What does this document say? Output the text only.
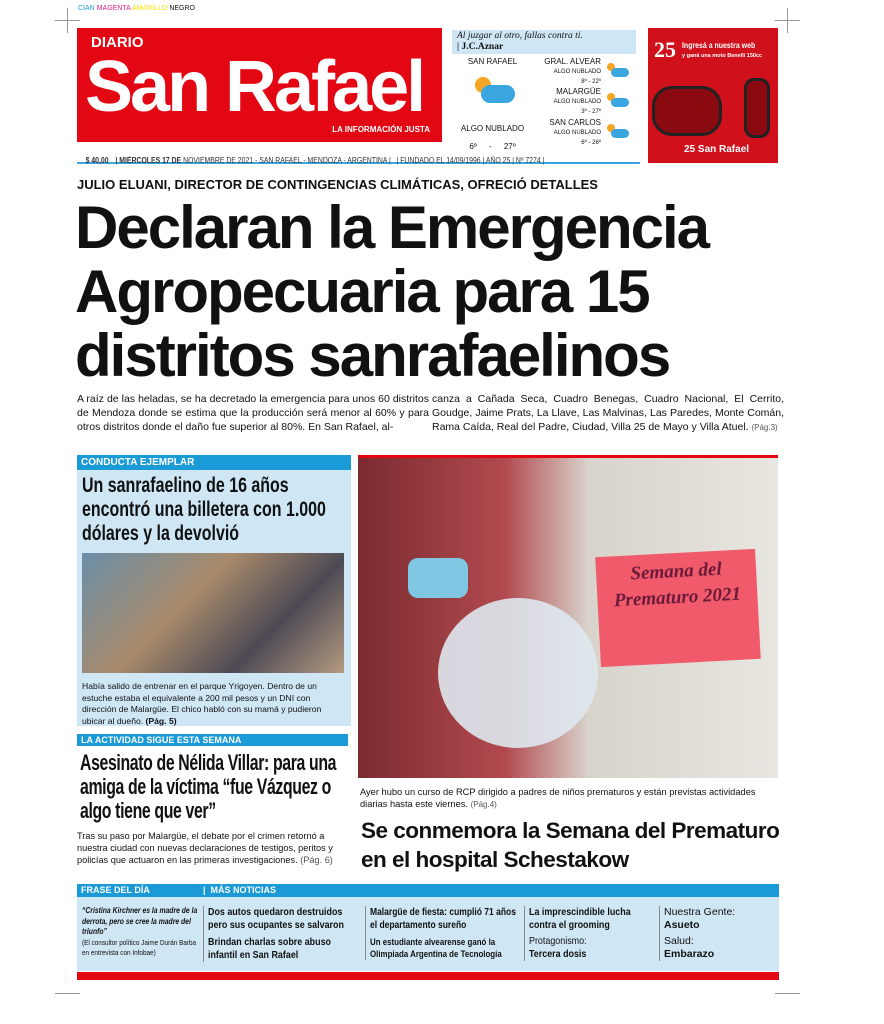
CIAN MAGENTA AMARILLO NEGRO
DIARIO
San Rafael
LA INFORMACIÓN JUSTA
Al juzgar al otro, fallas contra ti.
| J.C.Aznar
SAN RAFAEL
ALGO NUBLADO
6º - 27º
GRAL. ALVEAR
ALGO NUBLADO
8º - 22º
MALARGÜE
ALGO NUBLADO
3º - 27º
SAN CARLOS
ALGO NUBLADO
6º - 26º
25 Ingresá a nuestra web
y ganá una moto Benelli 150cc
25 San Rafael
$ 40,00 | MIÉRCOLES 17 DE NOVIEMBRE DE 2021 - SAN RAFAEL - MENDOZA - ARGENTINA | | FUNDADO EL 14/09/1996 | AÑO 25 | Nº 7274 |
JULIO ELUANI, DIRECTOR DE CONTINGENCIAS CLIMÁTICAS, OFRECIÓ DETALLES
Declaran la Emergencia Agropecuaria para 15 distritos sanrafaelinos
A raíz de las heladas, se ha decretado la emergencia para unos 60 distritos de Mendoza donde se estima que la producción será menor al 60% y para otros distritos donde el daño fue superior al 80%. En San Rafael, al-
canza a Cañada Seca, Cuadro Benegas, Cuadro Nacional, El Cerrito, Goudge, Jaime Prats, La Llave, Las Malvinas, Las Paredes, Monte Comán, Rama Caída, Real del Padre, Ciudad, Villa 25 de Mayo y Villa Atuel. (Pág.3)
CONDUCTA EJEMPLAR
Un sanrafaelino de 16 años encontró una billetera con 1.000 dólares y la devolvió
Había salido de entrenar en el parque Yrigoyen. Dentro de un estuche estaba el equivalente a 200 mil pesos y un DNI con dirección de Malargüe. El chico habló con su mamá y pudieron ubicar al dueño. (Pág. 5)
LA ACTIVIDAD SIGUE ESTA SEMANA
Asesinato de Nélida Villar: para una amiga de la víctima “fue Vázquez o algo tiene que ver”
Tras su paso por Malargüe, el debate por el crimen retornó a nuestra ciudad con nuevas declaraciones de testigos, peritos y policías que actuaron en las primeras investigaciones. (Pág. 6)
Semana del Prematuro 2021
Ayer hubo un curso de RCP dirigido a padres de niños prematuros y están previstas actividades diarias hasta este viernes. (Pág.4)
Se conmemora la Semana del Prematuro en el hospital Schestakow
FRASE DEL DÍA	|  MÁS NOTICIAS
“Cristina Kirchner es la madre de la derrota, pero se cree la madre del triunfo”
(El consultor político Jaime Durán Barba en entrevista con Infobae)
Dos autos quedaron destruidos pero sus ocupantes se salvaron
Brindan charlas sobre abuso infantil en San Rafael
Malargüe de fiesta: cumplió 71 años el departamento sureño
Un estudiante alvearense ganó la Olimpiada Argentina de Tecnología
La imprescindible lucha contra el grooming
Protagonismo:
Tercera dosis
Nuestra Gente:
Asueto
Salud:
Embarazo
